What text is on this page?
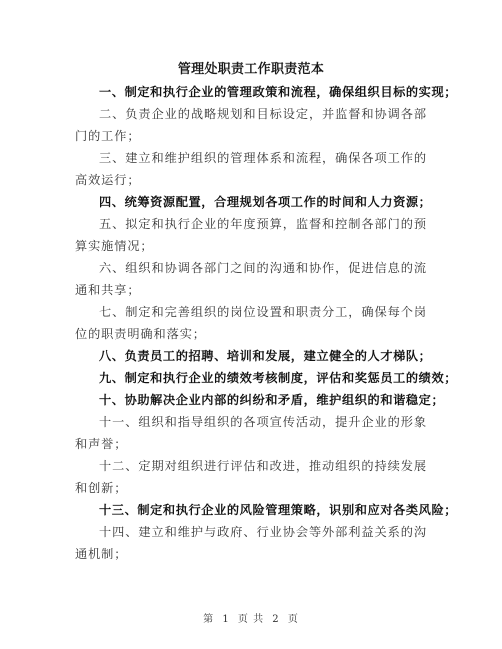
管理处职责工作职责范本

一、制定和执行企业的管理政策和流程，确保组织目标的实现；

二、负责企业的战略规划和目标设定，并监督和协调各部门的工作；

三、建立和维护组织的管理体系和流程，确保各项工作的高效运行；

四、统筹资源配置，合理规划各项工作的时间和人力资源；

五、拟定和执行企业的年度预算，监督和控制各部门的预算实施情况；

六、组织和协调各部门之间的沟通和协作，促进信息的流通和共享；

七、制定和完善组织的岗位设置和职责分工，确保每个岗位的职责明确和落实；

八、负责员工的招聘、培训和发展，建立健全的人才梯队；

九、制定和执行企业的绩效考核制度，评估和奖惩员工的绩效；

十、协助解决企业内部的纠纷和矛盾，维护组织的和谐稳定；

十一、组织和指导组织的各项宣传活动，提升企业的形象和声誉；

十二、定期对组织进行评估和改进，推动组织的持续发展和创新；

十三、制定和执行企业的风险管理策略，识别和应对各类风险；

十四、建立和维护与政府、行业协会等外部利益关系的沟通机制；

第 1 页 共 2 页
